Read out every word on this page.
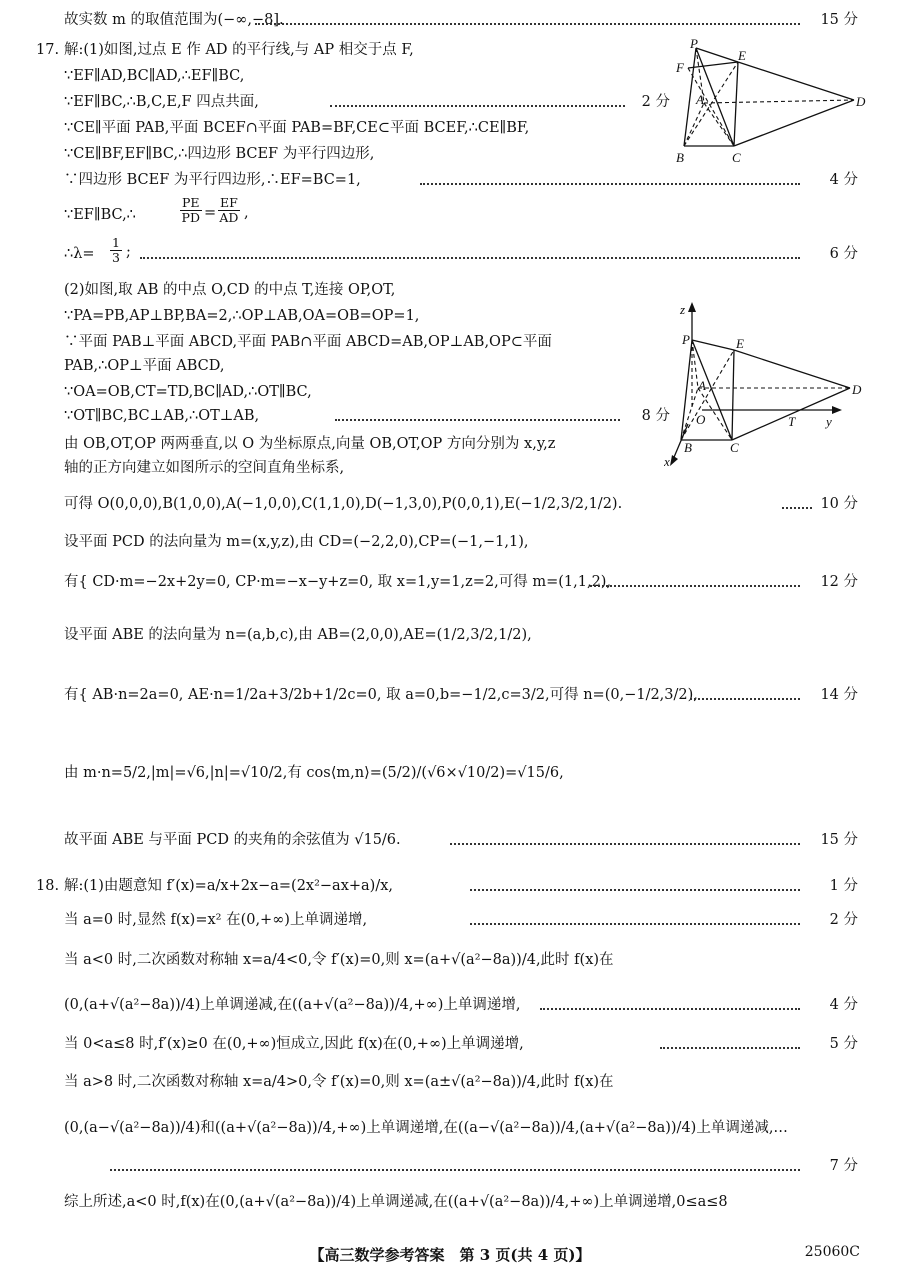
P
F
E
A	D
B	C
z
P	E
A
O	T y
D
B	C
x
$\frac{PE}{PD} = \frac{EF}{AD}$ ,
$\frac{1}{3}$ ;
【高三数学参考答案　第 3 页(共 4 页)】	25060C
故实数 m 的取值范围为(−∞,−8].	15 分
17. 解:(1)如图,过点 E 作 AD 的平行线,与 AP 相交于点 F,
∵EF∥AD,BC∥AD,∴EF∥BC,
∵EF∥BC,∴B,C,E,F 四点共面,	2 分
∵CE∥平面 PAB,平面 BCEF∩平面 PAB=BF,CE⊂平面 BCEF,∴CE∥BF,
∵CE∥BF,EF∥BC,∴四边形 BCEF 为平行四边形,
∵四边形 BCEF 为平行四边形,∴EF=BC=1,	4 分
∵EF∥BC,∴
∴λ=	6 分
(2)如图,取 AB 的中点 O,CD 的中点 T,连接 OP,OT,
∵PA=PB,AP⊥BP,BA=2,∴OP⊥AB,OA=OB=OP=1,
∵平面 PAB⊥平面 ABCD,平面 PAB∩平面 ABCD=AB,OP⊥AB,OP⊂平面
PAB,∴OP⊥平面 ABCD,
∵OA=OB,CT=TD,BC∥AD,∴OT∥BC,
∵OT∥BC,BC⊥AB,∴OT⊥AB,	8 分
由 OB,OT,OP 两两垂直,以 O 为坐标原点,向量 OB,OT,OP 方向分别为 x,y,z
轴的正方向建立如图所示的空间直角坐标系,
可得 O(0,0,0),B(1,0,0),A(−1,0,0),C(1,1,0),D(−1,3,0),P(0,0,1),E(−1/2,3/2,1/2).	10 分
设平面 PCD 的法向量为 m=(x,y,z),由 CD=(−2,2,0),CP=(−1,−1,1),
有{ CD·m=−2x+2y=0, CP·m=−x−y+z=0, 取 x=1,y=1,z=2,可得 m=(1,1,2),	12 分
设平面 ABE 的法向量为 n=(a,b,c),由 AB=(2,0,0),AE=(1/2,3/2,1/2),
有{ AB·n=2a=0, AE·n=1/2a+3/2b+1/2c=0, 取 a=0,b=−1/2,c=3/2,可得 n=(0,−1/2,3/2),	14 分
由 m·n=5/2,|m|=√6,|n|=√10/2,有 cos⟨m,n⟩=(5/2)/(√6×√10/2)=√15/6,
故平面 ABE 与平面 PCD 的夹角的余弦值为 √15/6.	15 分
18. 解:(1)由题意知 f′(x)=a/x+2x−a=(2x²−ax+a)/x,	1 分
当 a=0 时,显然 f(x)=x² 在(0,+∞)上单调递增,	2 分
当 a<0 时,二次函数对称轴 x=a/4<0,令 f′(x)=0,则 x=(a+√(a²−8a))/4,此时 f(x)在
(0,(a+√(a²−8a))/4)上单调递减,在((a+√(a²−8a))/4,+∞)上单调递增,	4 分
当 0<a≤8 时,f′(x)≥0 在(0,+∞)恒成立,因此 f(x)在(0,+∞)上单调递增,	5 分
当 a>8 时,二次函数对称轴 x=a/4>0,令 f′(x)=0,则 x=(a±√(a²−8a))/4,此时 f(x)在
(0,(a−√(a²−8a))/4)和((a+√(a²−8a))/4,+∞)上单调递增,在((a−√(a²−8a))/4,(a+√(a²−8a))/4)上单调递减,…
7 分
综上所述,a<0 时,f(x)在(0,(a+√(a²−8a))/4)上单调递减,在((a+√(a²−8a))/4,+∞)上单调递增,0≤a≤8
